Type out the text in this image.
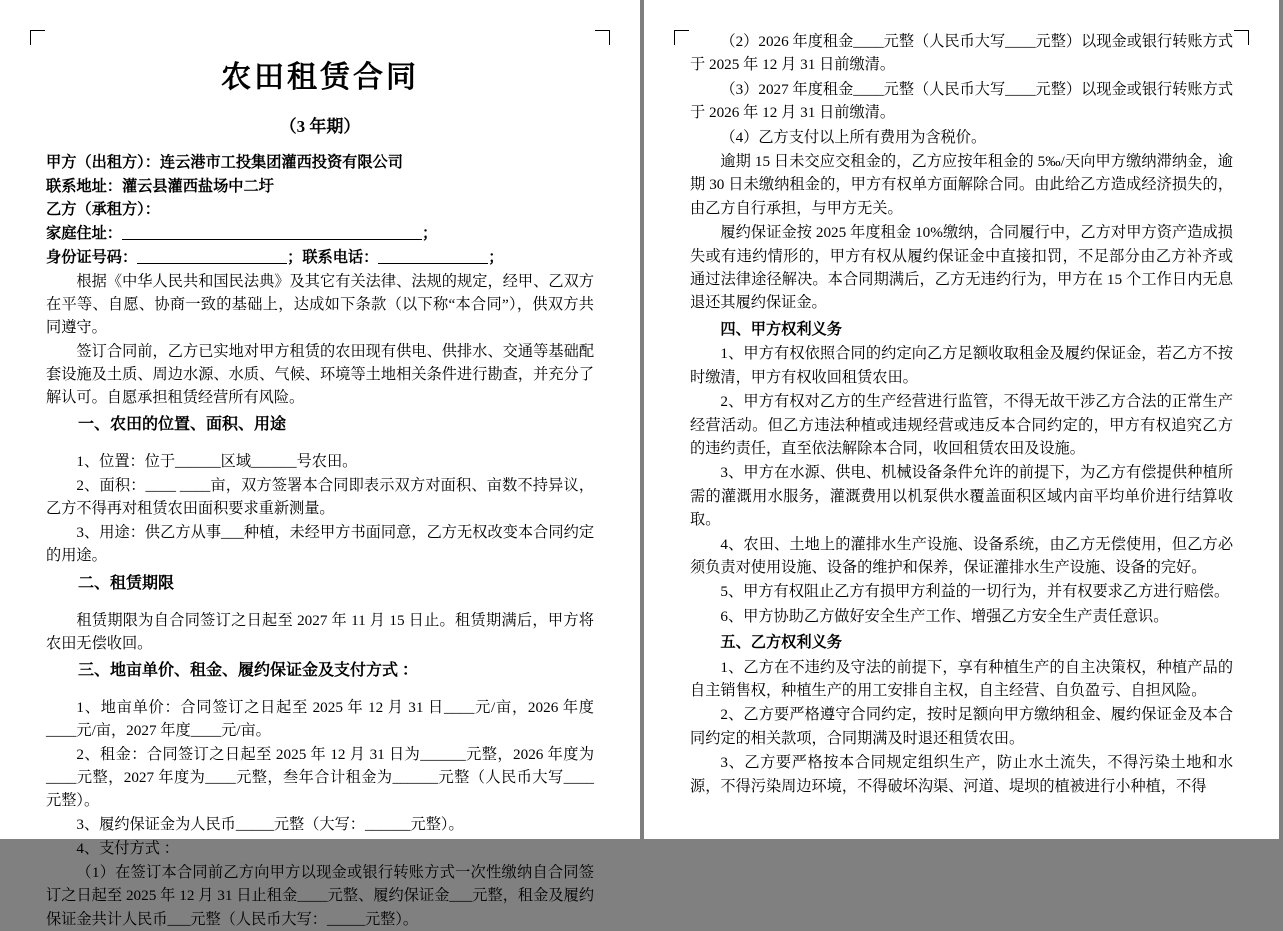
农田租赁合同
（3 年期）

甲方（出租方）：连云港市工投集团灌西投资有限公司

联系地址：灌云县灌西盐场中二圩

乙方（承租方）：

家庭住址：	；

身份证号码：	；联系电话：	；

根据《中华人民共和国民法典》及其它有关法律、法规的规定，经甲、乙双方在平等、自愿、协商一致的基础上，达成如下条款（以下称“本合同”），供双方共同遵守。

签订合同前，乙方已实地对甲方租赁的农田现有供电、供排水、交通等基础配套设施及土质、周边水源、水质、气候、环境等土地相关条件进行勘查，并充分了解认可。自愿承担租赁经营所有风险。

一、农田的位置、面积、用途

1、位置：位于______区域______号农田。

2、面积：____ ____亩，双方签署本合同即表示双方对面积、亩数不持异议，乙方不得再对租赁农田面积要求重新测量。

3、用途：供乙方从事___种植，未经甲方书面同意，乙方无权改变本合同约定的用途。

二、租赁期限

租赁期限为自合同签订之日起至 2027 年 11 月 15 日止。租赁期满后，甲方将农田无偿收回。

三、地亩单价、租金、履约保证金及支付方式 ：

1、地亩单价：合同签订之日起至 2025 年 12 月 31 日____元/亩，2026 年度____元/亩，2027 年度____元/亩。

2、租金：合同签订之日起至 2025 年 12 月 31 日为______元整，2026 年度为____元整，2027 年度为____元整，叁年合计租金为______元整（人民币大写____元整）。

3、履约保证金为人民币_____元整（大写：______元整）。

4、支付方式 ：

（1）在签订本合同前乙方向甲方以现金或银行转账方式一次性缴纳自合同签订之日起至 2025 年 12 月 31 日止租金____元整、履约保证金___元整，租金及履约保证金共计人民币___元整（人民币大写：_____元整）。

（2）2026 年度租金____元整（人民币大写____元整）以现金或银行转账方式于 2025 年 12 月 31 日前缴清。

（3）2027 年度租金____元整（人民币大写____元整）以现金或银行转账方式于 2026 年 12 月 31 日前缴清。

（4）乙方支付以上所有费用为含税价。

逾期 15 日未交应交租金的，乙方应按年租金的 5‰/天向甲方缴纳滞纳金，逾期 30 日未缴纳租金的，甲方有权单方面解除合同。由此给乙方造成经济损失的，由乙方自行承担，与甲方无关。

履约保证金按 2025 年度租金 10%缴纳，合同履行中，乙方对甲方资产造成损失或有违约情形的，甲方有权从履约保证金中直接扣罚，不足部分由乙方补齐或通过法律途径解决。本合同期满后，乙方无违约行为，甲方在 15 个工作日内无息退还其履约保证金。

四、甲方权利义务

1、甲方有权依照合同的约定向乙方足额收取租金及履约保证金，若乙方不按时缴清，甲方有权收回租赁农田。

2、甲方有权对乙方的生产经营进行监管，不得无故干涉乙方合法的正常生产经营活动。但乙方违法种植或违规经营或违反本合同约定的，甲方有权追究乙方的违约责任，直至依法解除本合同，收回租赁农田及设施。

3、甲方在水源、供电、机械设备条件允许的前提下，为乙方有偿提供种植所需的灌溉用水服务，灌溉费用以机泵供水覆盖面积区域内亩平均单价进行结算收取。

4、农田、土地上的灌排水生产设施、设备系统，由乙方无偿使用，但乙方必须负责对使用设施、设备的维护和保养，保证灌排水生产设施、设备的完好。

5、甲方有权阻止乙方有损甲方利益的一切行为，并有权要求乙方进行赔偿。

6、甲方协助乙方做好安全生产工作、增强乙方安全生产责任意识。

五、乙方权利义务

1、乙方在不违约及守法的前提下，享有种植生产的自主决策权，种植产品的自主销售权，种植生产的用工安排自主权，自主经营、自负盈亏、自担风险。

2、乙方要严格遵守合同约定，按时足额向甲方缴纳租金、履约保证金及本合同约定的相关款项，合同期满及时退还租赁农田。

3、乙方要严格按本合同规定组织生产，防止水土流失，不得污染土地和水源，不得污染周边环境，不得破坏沟渠、河道、堤坝的植被进行小种植，不得
